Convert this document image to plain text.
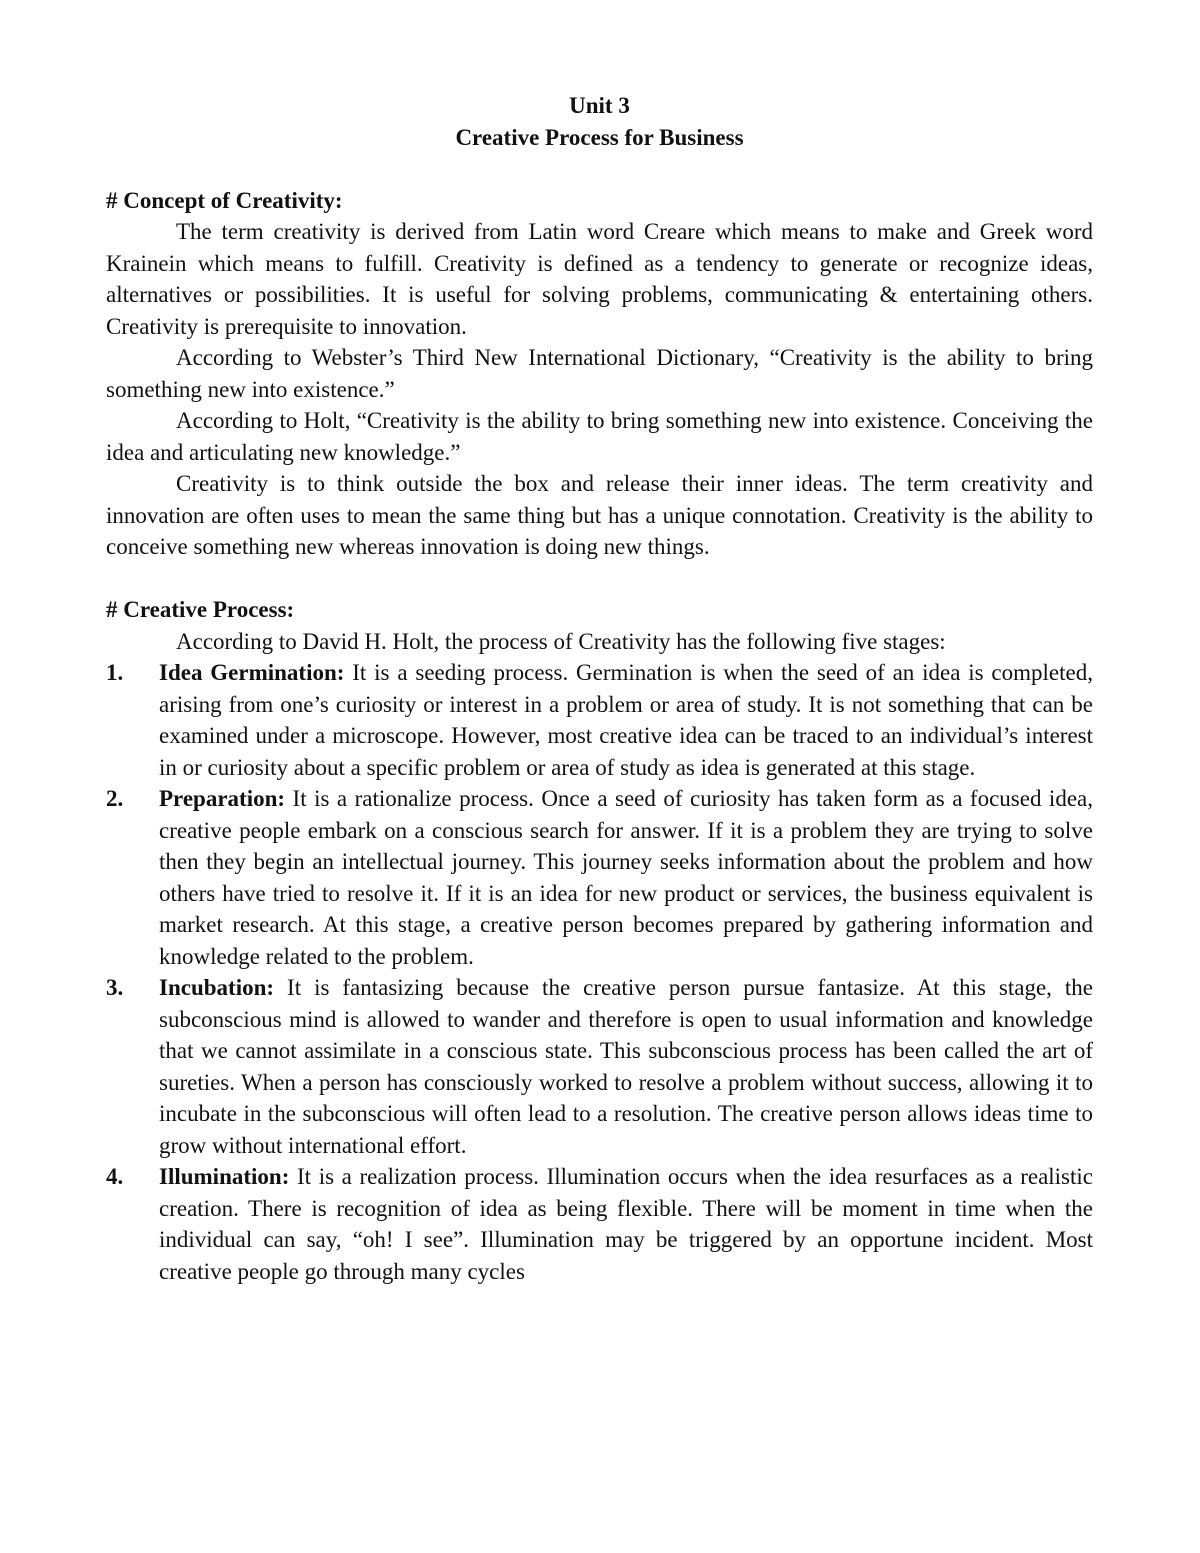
Unit 3

Creative Process for Business

# Concept of Creativity:

The term creativity is derived from Latin word Creare which means to make and Greek word Krainein which means to fulfill. Creativity is defined as a tendency to generate or recognize ideas, alternatives or possibilities. It is useful for solving problems, communicating & entertaining others. Creativity is prerequisite to innovation.

According to Webster’s Third New International Dictionary, “Creativity is the ability to bring something new into existence.”

According to Holt, “Creativity is the ability to bring something new into existence. Conceiving the idea and articulating new knowledge.”

Creativity is to think outside the box and release their inner ideas. The term creativity and innovation are often uses to mean the same thing but has a unique connotation. Creativity is the ability to conceive something new whereas innovation is doing new things.

# Creative Process:

According to David H. Holt, the process of Creativity has the following five stages:

1. Idea Germination: It is a seeding process. Germination is when the seed of an idea is completed, arising from one’s curiosity or interest in a problem or area of study. It is not something that can be examined under a microscope. However, most creative idea can be traced to an individual’s interest in or curiosity about a specific problem or area of study as idea is generated at this stage.
2. Preparation: It is a rationalize process. Once a seed of curiosity has taken form as a focused idea, creative people embark on a conscious search for answer. If it is a problem they are trying to solve then they begin an intellectual journey. This journey seeks information about the problem and how others have tried to resolve it. If it is an idea for new product or services, the business equivalent is market research. At this stage, a creative person becomes prepared by gathering information and knowledge related to the problem.
3. Incubation: It is fantasizing because the creative person pursue fantasize. At this stage, the subconscious mind is allowed to wander and therefore is open to usual information and knowledge that we cannot assimilate in a conscious state. This subconscious process has been called the art of sureties. When a person has consciously worked to resolve a problem without success, allowing it to incubate in the subconscious will often lead to a resolution. The creative person allows ideas time to grow without international effort.
4. Illumination: It is a realization process. Illumination occurs when the idea resurfaces as a realistic creation. There is recognition of idea as being flexible. There will be moment in time when the individual can say, “oh! I see”. Illumination may be triggered by an opportune incident. Most creative people go through many cycles
